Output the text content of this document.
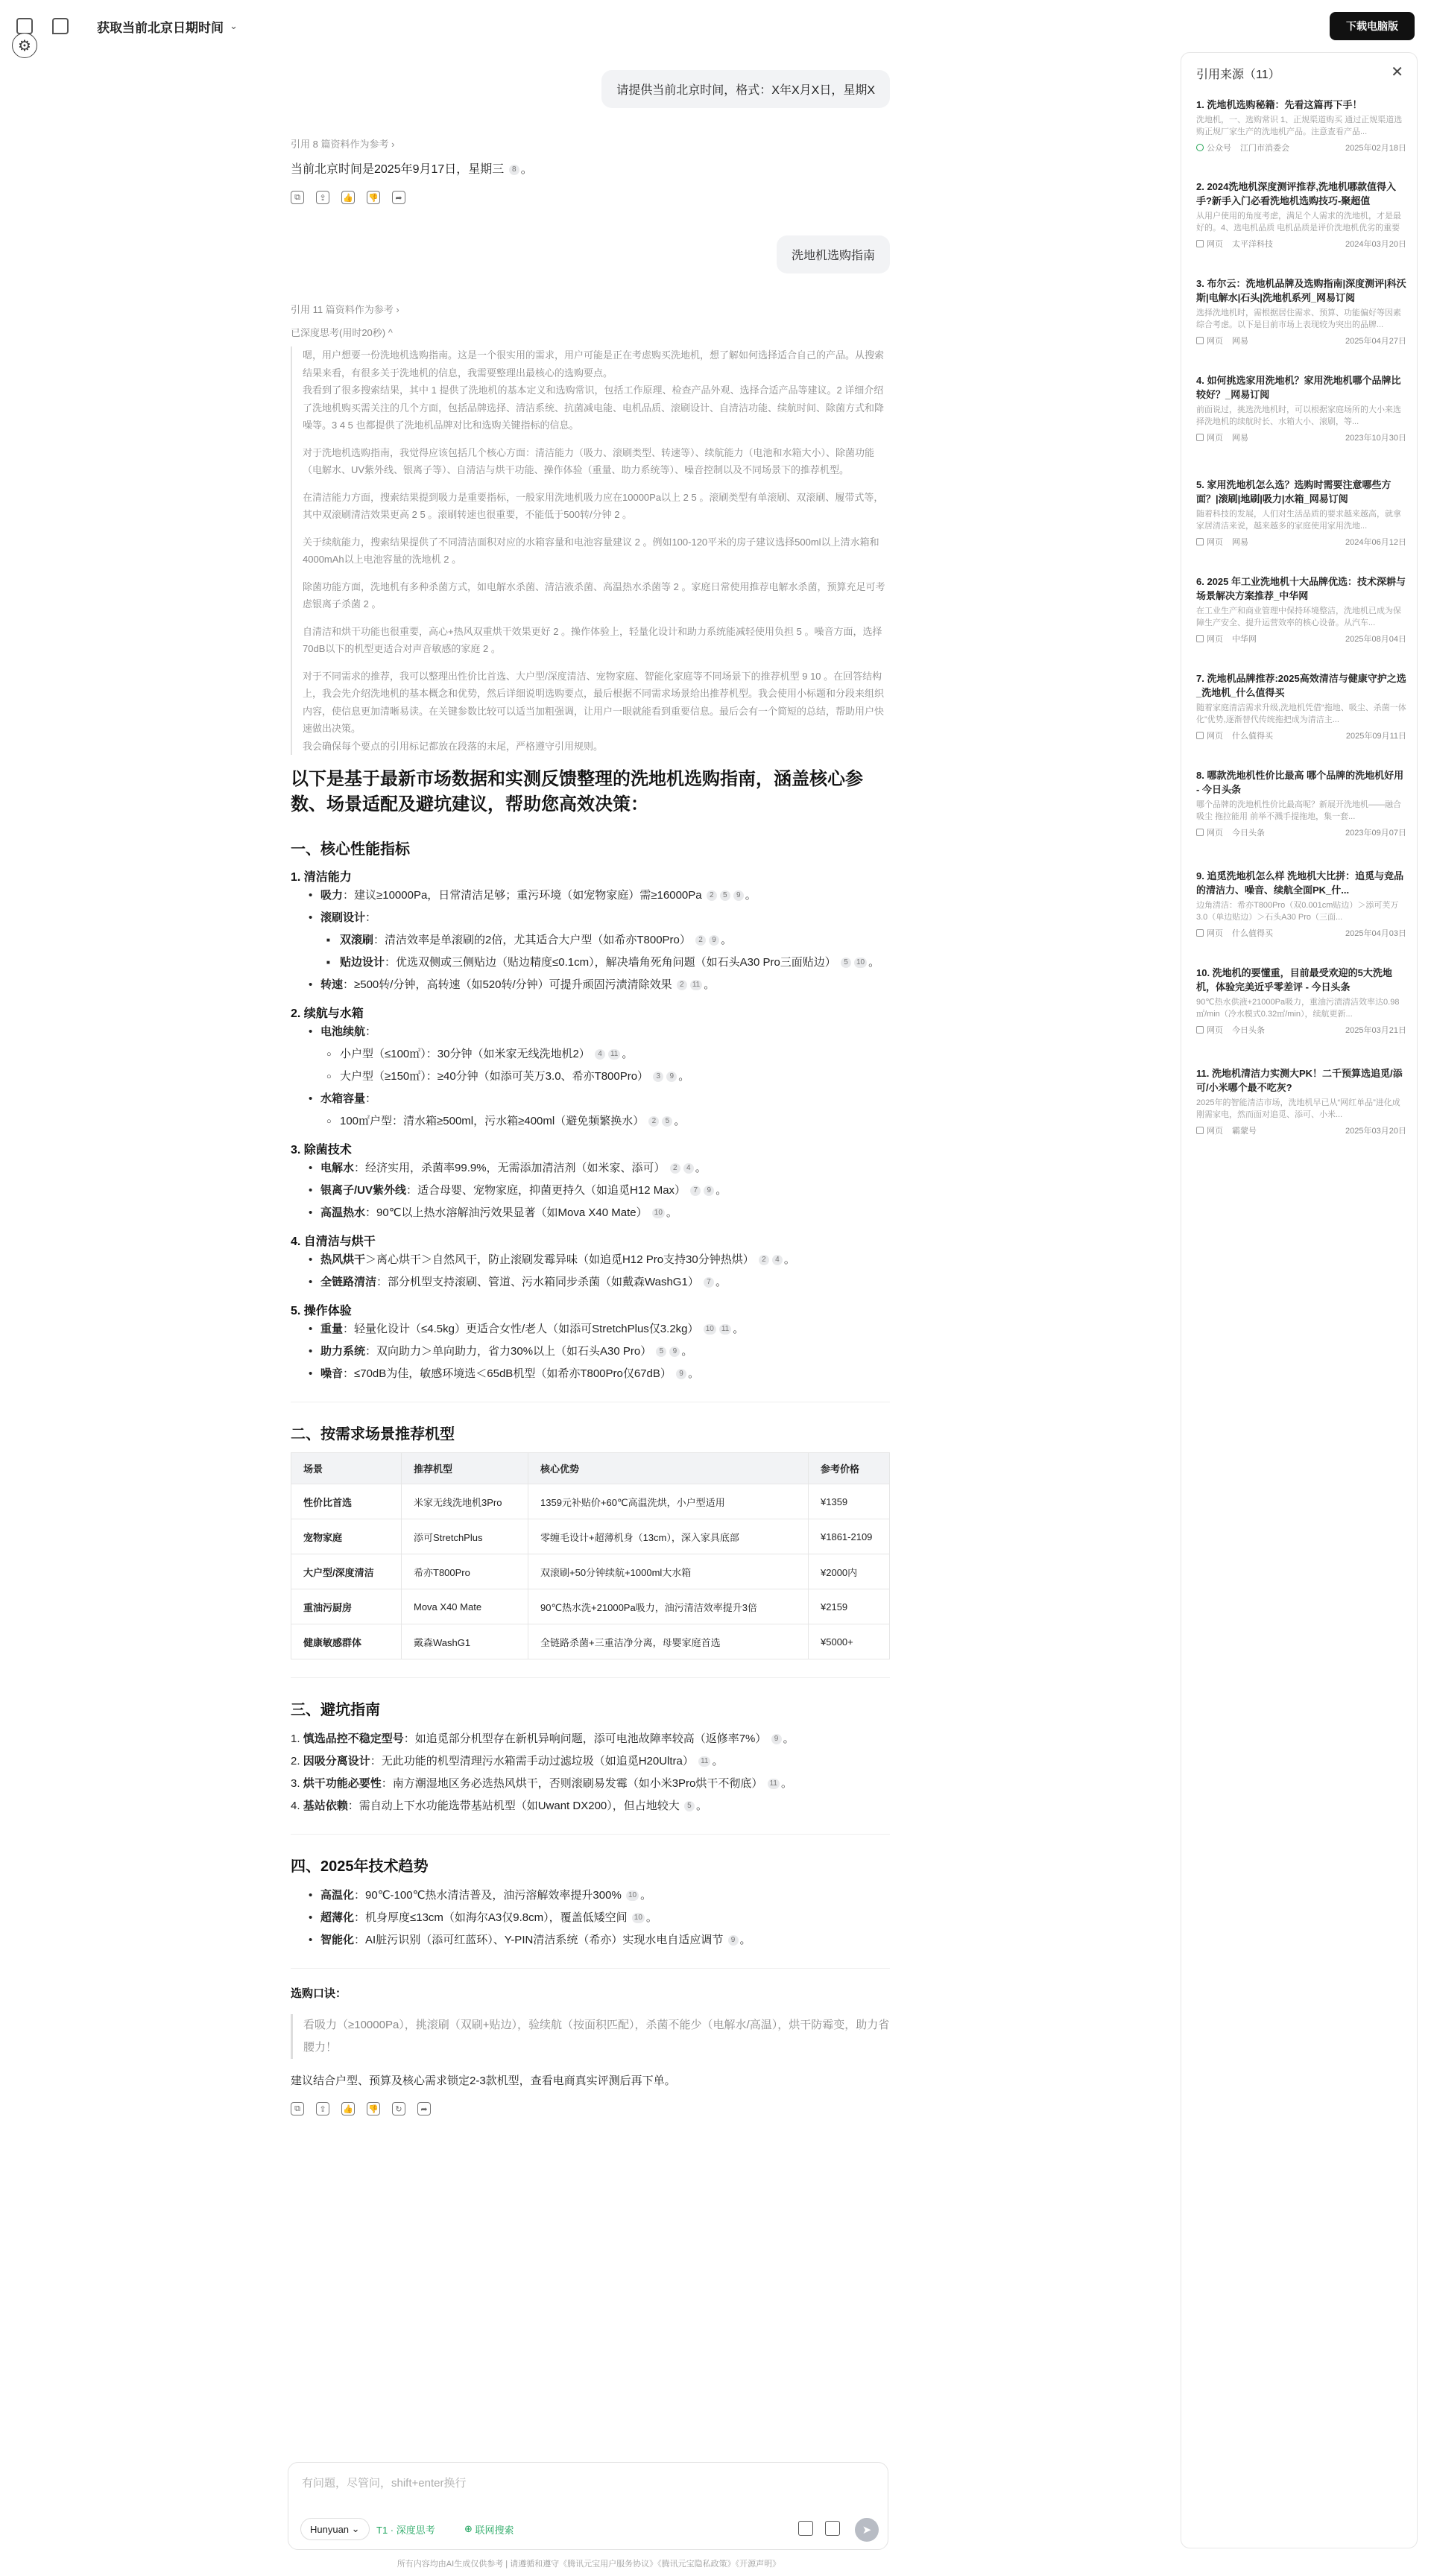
获取当前北京日期时间 ⌄
⚙
下载电脑版
请提供当前北京时间，格式：X年X月X日，星期X
引用 8 篇资料作为参考 ›
当前北京时间是2025年9月17日，星期三 8 。
⧉	⇪	👍 👎	➦
洗地机选购指南
引用 11 篇资料作为参考 ›
已深度思考(用时20秒) ^

嗯，用户想要一份洗地机选购指南。这是一个很实用的需求，用户可能是正在考虑购买洗地机，想了解如何选择适合自己的产品。从搜索结果来看，有很多关于洗地机的信息，我需要整理出最核心的选购要点。

我看到了很多搜索结果，其中 1 提供了洗地机的基本定义和选购常识，包括工作原理、检查产品外观、选择合适产品等建议。2 详细介绍了洗地机购买需关注的几个方面，包括品牌选择、清洁系统、抗菌减电能、电机品质、滚刷设计、自清洁功能、续航时间、除菌方式和降噪等。3 4 5 也都提供了洗地机品牌对比和选购关键指标的信息。

对于洗地机选购指南，我觉得应该包括几个核心方面：清洁能力（吸力、滚刷类型、转速等）、续航能力（电池和水箱大小）、除菌功能（电解水、UV紫外线、银离子等）、自清洁与烘干功能、操作体验（重量、助力系统等）、噪音控制以及不同场景下的推荐机型。

在清洁能力方面，搜索结果提到吸力是重要指标，一般家用洗地机吸力应在10000Pa以上 2 5 。滚刷类型有单滚刷、双滚刷、履带式等，其中双滚刷清洁效果更高 2 5 。滚刷转速也很重要，不能低于500转/分钟 2 。

关于续航能力，搜索结果提供了不同清洁面积对应的水箱容量和电池容量建议 2 。例如100-120平米的房子建议选择500ml以上清水箱和4000mAh以上电池容量的洗地机 2 。

除菌功能方面，洗地机有多种杀菌方式，如电解水杀菌、清洁液杀菌、高温热水杀菌等 2 。家庭日常使用推荐电解水杀菌，预算充足可考虑银离子杀菌 2 。

自清洁和烘干功能也很重要，高心+热风双重烘干效果更好 2 。操作体验上，轻量化设计和助力系统能减轻使用负担 5 。噪音方面，选择70dB以下的机型更适合对声音敏感的家庭 2 。

对于不同需求的推荐，我可以整理出性价比首选、大户型/深度清洁、宠物家庭、智能化家庭等不同场景下的推荐机型 9 10 。在回答结构上，我会先介绍洗地机的基本概念和优势，然后详细说明选购要点，最后根据不同需求场景给出推荐机型。我会使用小标题和分段来组织内容，使信息更加清晰易读。在关键参数比较可以适当加粗强调，让用户一眼就能看到重要信息。最后会有一个简短的总结，帮助用户快速做出决策。

我会确保每个要点的引用标记都放在段落的末尾，严格遵守引用规则。

以下是基于最新市场数据和实测反馈整理的洗地机选购指南，涵盖核心参数、场景适配及避坑建议，帮助您高效决策：
一、核心性能指标
1. 清洁能力
• 吸力：建议≥10000Pa，日常清洁足够；重污环境（如宠物家庭）需≥16000Pa 2 5 9 。
• 滚刷设计：
■ 双滚刷：清洁效率是单滚刷的2倍，尤其适合大户型（如希亦T800Pro） 2 9 。
■ 贴边设计：优选双侧或三侧贴边（贴边精度≤0.1cm），解决墙角死角问题（如石头A30 Pro三面贴边） 5 10 。
• 转速：≥500转/分钟，高转速（如520转/分钟）可提升顽固污渍清除效果 2 11 。
2. 续航与水箱
• 电池续航：
○ 小户型（≤100㎡）：30分钟（如米家无线洗地机2） 4 11 。
○ 大户型（≥150㎡）：≥40分钟（如添可芙万3.0、希亦T800Pro） 3 9 。
• 水箱容量：
○ 100㎡户型：清水箱≥500ml，污水箱≥400ml（避免频繁换水） 2 5 。
3. 除菌技术
• 电解水：经济实用，杀菌率99.9%，无需添加清洁剂（如米家、添可） 2 4 。
• 银离子/UV紫外线：适合母婴、宠物家庭，抑菌更持久（如追觅H12 Max） 7 9 。
• 高温热水：90℃以上热水溶解油污效果显著（如Mova X40 Mate） 10 。
4. 自清洁与烘干
• 热风烘干＞离心烘干＞自然风干，防止滚刷发霉异味（如追觅H12 Pro支持30分钟热烘） 2 4 。
• 全链路清洁：部分机型支持滚刷、管道、污水箱同步杀菌（如戴森WashG1） 7 。
5. 操作体验
• 重量：轻量化设计（≤4.5kg）更适合女性/老人（如添可StretchPlus仅3.2kg） 10 11 。
• 助力系统：双向助力＞单向助力，省力30%以上（如石头A30 Pro） 5 9 。
• 噪音：≤70dB为佳，敏感环境选＜65dB机型（如希亦T800Pro仅67dB） 9 。
二、按需求场景推荐机型
场景	推荐机型	核心优势	参考价格
性价比首选	米家无线洗地机3Pro	1359元补贴价+60℃高温洗烘，小户型适用	¥1359
宠物家庭	添可StretchPlus	零缠毛设计+超薄机身（13cm），深入家具底部	¥1861-2109
大户型/深度清洁	希亦T800Pro	双滚刷+50分钟续航+1000ml大水箱	¥2000内
重油污厨房	Mova X40 Mate	90℃热水洗+21000Pa吸力，油污清洁效率提升3倍	¥2159
健康敏感群体	戴森WashG1	全链路杀菌+三重洁净分离，母婴家庭首选	¥5000+
三、避坑指南
1. 慎选品控不稳定型号：如追觅部分机型存在新机异响问题，添可电池故障率较高（返修率7%） 9 。
2. 因吸分离设计：无此功能的机型清理污水箱需手动过滤垃圾（如追觅H20Ultra） 11 。
3. 烘干功能必要性：南方潮湿地区务必选热风烘干，否则滚刷易发霉（如小米3Pro烘干不彻底） 11 。
4. 基站依赖：需自动上下水功能选带基站机型（如Uwant DX200），但占地较大 5 。
四、2025年技术趋势
• 高温化：90℃-100℃热水清洁普及，油污溶解效率提升300% 10 。
• 超薄化：机身厚度≤13cm（如海尔A3仅9.8cm），覆盖低矮空间 10 。
• 智能化：AI脏污识别（添可红蓝环）、Y-PIN清洁系统（希亦）实现水电自适应调节 9 。
选购口诀：
看吸力（≥10000Pa），挑滚刷（双刷+贴边），验续航（按面积匹配），杀菌不能少（电解水/高温），烘干防霉变，助力省腰力！
建议结合户型、预算及核心需求锁定2-3款机型，查看电商真实评测后再下单。
⧉	⇪	👍 👎	↻	➦
有问题，尽管问，shift+enter换行
Hunyuan ⌄	T1 · 深度思考	⊕ 联网搜索	➤
所有内容均由AI生成仅供参考 | 请遵循和遵守《腾讯元宝用户服务协议》《腾讯元宝隐私政策》《开源声明》
引用来源（11）	✕
1. 洗地机选购秘籍：先看这篇再下手！
洗地机，一、选购常识 1、正规渠道购买 通过正规渠道选购正规厂家生产的洗地机产品。注意查看产品...
公众号 江门市消委会	2025年02月18日
2. 2024洗地机深度测评推荐,洗地机哪款值得入手?新手入门必看洗地机选购技巧-聚超值
从用户使用的角度考虑，满足个人需求的洗地机，才是最好的。4、选电机品质 电机品质是评价洗地机优劣的重要
网页 太平洋科技	2024年03月20日
3. 布尔云：洗地机品牌及选购指南|深度测评|科沃斯|电解水|石头|洗地机系列_网易订阅
选择洗地机时，需根据居住需求、预算、功能偏好等因素综合考虑。以下是目前市场上表现较为突出的品牌...
网页 网易	2025年04月27日
4. 如何挑选家用洗地机？家用洗地机哪个品牌比较好？_网易订阅
前面说过，挑选洗地机时，可以根据家庭场所的大小来选择洗地机的续航时长、水箱大小、滚刷，等...
网页 网易	2023年10月30日
5. 家用洗地机怎么选？选购时需要注意哪些方面？|滚刷|地刷|吸力|水箱_网易订阅
随着科技的发展，人们对生活品质的要求越来越高，就拿家居清洁来说，越来越多的家庭使用家用洗地...
网页 网易	2024年06月12日
6. 2025 年工业洗地机十大品牌优选：技术深耕与场景解决方案推荐_中华网
在工业生产和商业管理中保持环境整洁，洗地机已成为保障生产安全、提升运营效率的核心设备。从汽车...
网页 中华网	2025年08月04日
7. 洗地机品牌推荐:2025高效清洁与健康守护之选_洗地机_什么值得买
随着家庭清洁需求升级,洗地机凭借“拖地、吸尘、杀菌一体化”优势,逐渐替代传统拖把成为清洁主...
网页 什么值得买	2025年09月11日
8. 哪款洗地机性价比最高 哪个品牌的洗地机好用 - 今日头条
哪个品牌的洗地机性价比最高呢？新展开洗地机——融合吸尘 拖拉能用 前举不溅手提拖地，集一套...
网页 今日头条	2023年09月07日
9. 追觅洗地机怎么样 洗地机大比拼：追觅与竞品的清洁力、噪音、续航全面PK_什...
边角清洁：希亦T800Pro（双0.001cm贴边）＞添可芙万3.0（单边贴边）＞石头A30 Pro（三面...
网页 什么值得买	2025年04月03日
10. 洗地机的要懂重，目前最受欢迎的5大洗地机，体验完美近乎零差评 - 今日头条
90℃热水供液+21000Pa吸力，重油污渍清洁效率达0.98㎡/min（冷水模式0.32㎡/min），续航更新...
网页 今日头条	2025年03月21日
11. 洗地机清洁力实测大PK！二千预算选追觅/添可/小米哪个最不吃灰?
2025年的智能清洁市场，洗地机早已从“网红单品”进化成刚需家电，然而面对追觅、添可、小米...
网页 霸蒙号	2025年03月20日
